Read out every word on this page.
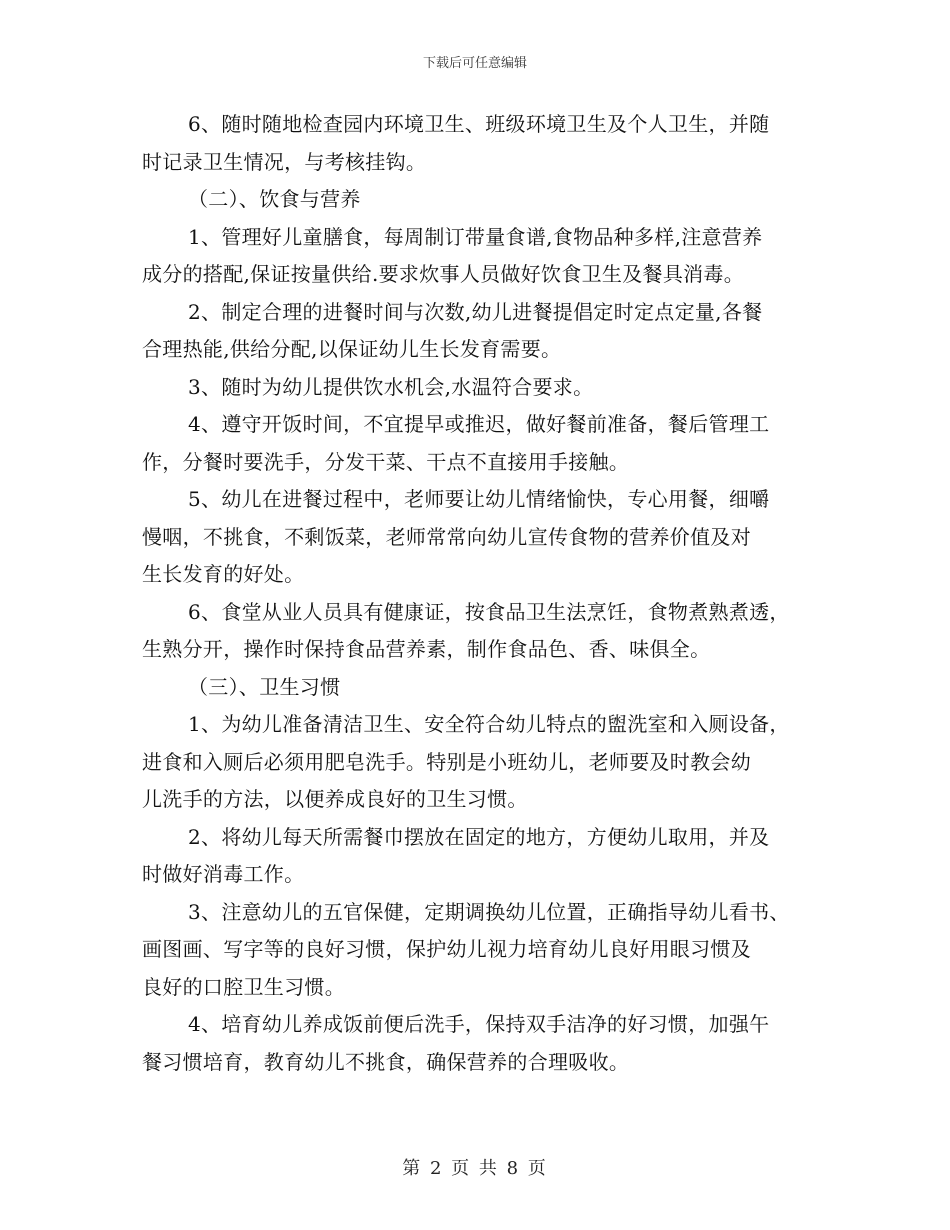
下载后可任意编辑
6、随时随地检查园内环境卫生、班级环境卫生及个人卫生，并随
时记录卫生情况，与考核挂钩。
（二）、饮食与营养
1、管理好儿童膳食，每周制订带量食谱,食物品种多样,注意营养
成分的搭配,保证按量供给.要求炊事人员做好饮食卫生及餐具消毒。
2、制定合理的进餐时间与次数,幼儿进餐提倡定时定点定量,各餐
合理热能,供给分配,以保证幼儿生长发育需要。
3、随时为幼儿提供饮水机会,水温符合要求。
4、遵守开饭时间，不宜提早或推迟，做好餐前准备，餐后管理工
作，分餐时要洗手，分发干菜、干点不直接用手接触。
5、幼儿在进餐过程中，老师要让幼儿情绪愉快，专心用餐，细嚼
慢咽，不挑食，不剩饭菜，老师常常向幼儿宣传食物的营养价值及对
生长发育的好处。
6、食堂从业人员具有健康证，按食品卫生法烹饪，食物煮熟煮透，
生熟分开，操作时保持食品营养素，制作食品色、香、味俱全。
（三）、卫生习惯
1、为幼儿准备清洁卫生、安全符合幼儿特点的盥洗室和入厕设备，
进食和入厕后必须用肥皂洗手。特别是小班幼儿，老师要及时教会幼
儿洗手的方法，以便养成良好的卫生习惯。
2、将幼儿每天所需餐巾摆放在固定的地方，方便幼儿取用，并及
时做好消毒工作。
3、注意幼儿的五官保健，定期调换幼儿位置，正确指导幼儿看书、
画图画、写字等的良好习惯，保护幼儿视力培育幼儿良好用眼习惯及
良好的口腔卫生习惯。
4、培育幼儿养成饭前便后洗手，保持双手洁净的好习惯，加强午
餐习惯培育，教育幼儿不挑食，确保营养的合理吸收。
第 2 页 共 8 页
